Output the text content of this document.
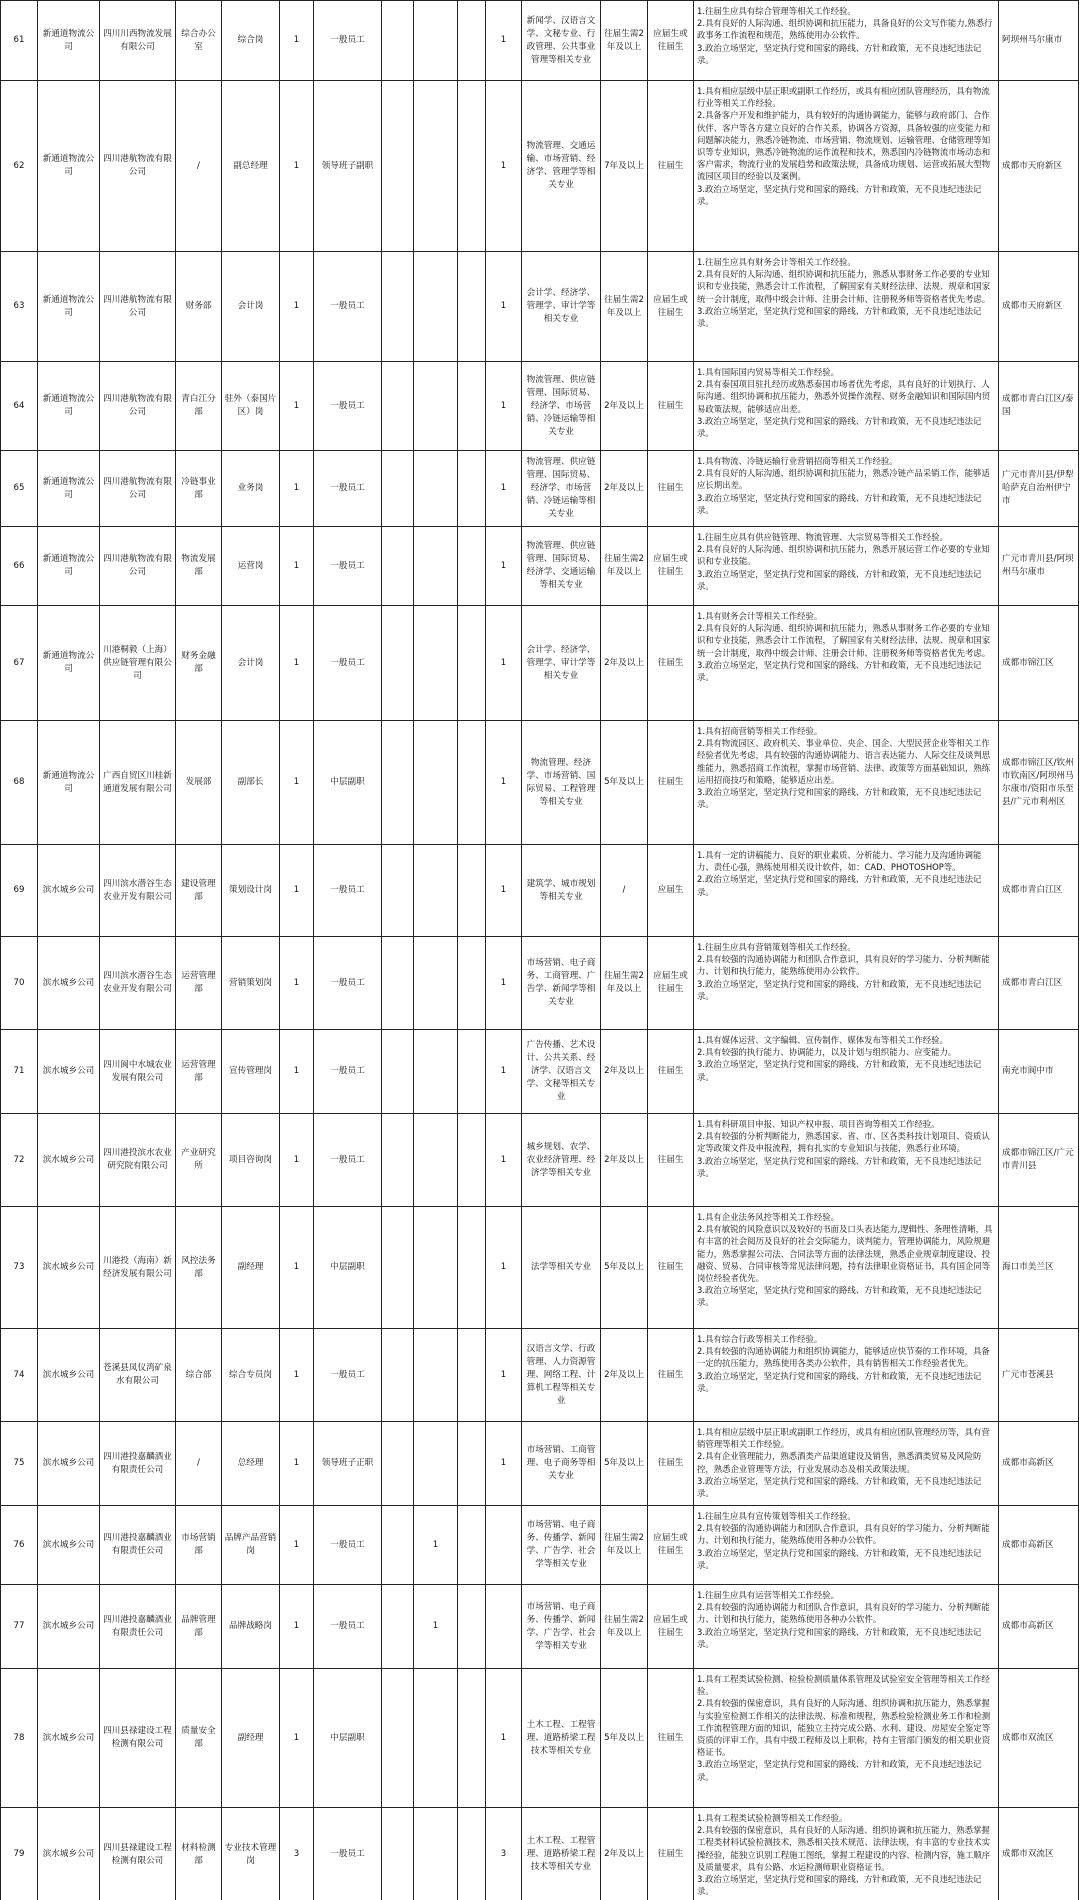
61	新通道物流公司	四川川西物流发展有限公司	综合办公室	综合岗	1	一般员工				1	新闻学、汉语言文学、文秘专业、行政管理、公共事业管理等相关专业	往届生需2年及以上	应届生或往届生	1.往届生应具有综合管理等相关工作经验。
2.具有良好的人际沟通、组织协调和抗压能力，具备良好的公文写作能力,熟悉行政事务工作流程和规范，熟练使用办公软件。
3.政治立场坚定，坚定执行党和国家的路线、方针和政策，无不良违纪违法记录。	阿坝州马尔康市
62	新通道物流公司	四川港航物流有限公司	/	副总经理	1	领导班子副职				1	物流管理、交通运输、市场营销、经济学、管理学等相关专业	7年及以上	往届生	1.具有相应层级中层正职或副职工作经历，或具有相应团队管理经历，具有物流行业等相关工作经验。
2.具备客户开发和维护能力，具有较好的沟通协调能力，能够与政府部门、合作伙伴、客户等各方建立良好的合作关系，协调各方资源，具备较强的应变能力和问题解决能力，熟悉冷链物流、市场营销、物流规划、运输管理、仓储管理等知识等专业知识，熟悉冷链物流的运作流程和技术，熟悉国内冷链物流市场动态和客户需求，物流行业的发展趋势和政策法规，具备成功规划、运营或拓展大型物流园区项目的经验以及案例。
3.政治立场坚定，坚定执行党和国家的路线、方针和政策，无不良违纪违法记录。	成都市天府新区
63	新通道物流公司	四川港航物流有限公司	财务部	会计岗	1	一般员工				1	会计学、经济学、管理学、审计学等相关专业	往届生需2年及以上	应届生或往届生	1.往届生应具有财务会计等相关工作经验。
2.具有良好的人际沟通、组织协调和抗压能力，熟悉从事财务工作必要的专业知识和专业技能，熟悉会计工作流程，了解国家有关财经法律、法规、规章和国家统一会计制度，取得中级会计师、注册会计师、注册税务师等资格者优先考虑。
3.政治立场坚定，坚定执行党和国家的路线、方针和政策，无不良违纪违法记录。	成都市天府新区
64	新通道物流公司	四川港航物流有限公司	青白江分部	驻外（泰国片区）岗	1	一般员工				1	物流管理、供应链管理、国际贸易、经济学、市场营销、冷链运输等相关专业	2年及以上	往届生	1.具有国际国内贸易等相关工作经验。
2.具有泰国项目驻扎经历或熟悉泰国市场者优先考虑，具有良好的计划执行、人际沟通、组织协调和抗压能力，熟悉外贸操作流程、财务金融知识和国际国内贸易政策法规，能够适应出差。
3.政治立场坚定，坚定执行党和国家的路线、方针和政策，无不良违纪违法记录。	成都市青白江区/泰国
65	新通道物流公司	四川港航物流有限公司	冷链事业部	业务岗	1	一般员工				1	物流管理、供应链管理、国际贸易、经济学、市场营销、冷链运输等相关专业	2年及以上	往届生	1.具有物流、冷链运输行业营销招商等相关工作经验。
2.具有良好的人际沟通、组织协调和抗压能力，熟悉冷链产品采销工作，能够适应长期出差。
3.政治立场坚定，坚定执行党和国家的路线、方针和政策，无不良违纪违法记录。	广元市青川县/伊犁哈萨克自治州伊宁市
66	新通道物流公司	四川港航物流有限公司	物流发展部	运营岗	1	一般员工				1	物流管理、供应链管理、国际贸易、经济学、交通运输等相关专业	往届生需2年及以上	应届生或往届生	1.往届生应具有供应链管理、物流管理、大宗贸易等相关工作经验。
2.具有良好的人际沟通、组织协调和抗压能力，熟悉开展运营工作必要的专业知识和专业技能。
3.政治立场坚定，坚定执行党和国家的路线、方针和政策，无不良违纪违法记录。	广元市青川县/阿坝州马尔康市
67	新通道物流公司	川港桐毅（上海）供应链管理有限公司	财务金融部	会计岗	1	一般员工				1	会计学、经济学、管理学、审计学等相关专业	2年及以上	往届生	1.具有财务会计等相关工作经验。
2.具有良好的人际沟通、组织协调和抗压能力，熟悉从事财务工作必要的专业知识和专业技能，熟悉会计工作流程，了解国家有关财经法律、法规、规章和国家统一会计制度，取得中级会计师、注册会计师、注册税务师等资格者优先考虑。
3.政治立场坚定，坚定执行党和国家的路线、方针和政策，无不良违纪违法记录。	成都市锦江区
68	新通道物流公司	广西自贸区川桂新通道发展有限公司	发展部	副部长	1	中层副职				1	物流管理、经济学、市场营销、国际贸易、工程管理等相关专业	5年及以上	往届生	1.具有招商营销等相关工作经验。
2.具有物流园区、政府机关、事业单位、央企、国企、大型民营企业等相关工作经验者优先考虑，具有较强的沟通协调能力、语言表达能力、人际交往及谈判思维能力，熟悉招商工作流程，掌握市场营销、法律、政策等方面基础知识，熟练运用招商技巧和策略，能够适应出差。
3.政治立场坚定，坚定执行党和国家的路线、方针和政策，无不良违纪违法记录。	成都市锦江区/钦州市钦南区/阿坝州马尔康市/资阳市乐至县/广元市利州区
69	滨水城乡公司	四川滨水潜谷生态农业开发有限公司	建设管理部	策划设计岗	1	一般员工				1	建筑学、城市规划等相关专业	/	应届生	1.具有一定的讲稿能力、良好的职业素质、分析能力、学习能力及沟通协调能力、责任心强，熟练使用相关设计软件，如：CAD、PHOTOSHOP等。
2.政治立场坚定，坚定执行党和国家的路线、方针和政策，无不良违纪违法记录。	成都市青白江区
70	滨水城乡公司	四川滨水潜谷生态农业开发有限公司	运营管理部	营销策划岗	1	一般员工				1	市场营销、电子商务、工商管理、广告学、新闻学等相关专业	往届生需2年及以上	应届生或往届生	1.往届生应具有营销策划等相关工作经验。
2.具有较强的沟通协调能力和团队合作意识，具有良好的学习能力、分析判断能力、计划和执行能力，能熟练使用办公软件。
3.政治立场坚定，坚定执行党和国家的路线、方针和政策，无不良违纪违法记录。	成都市青白江区
71	滨水城乡公司	四川阆中水城农业发展有限公司	运营管理部	宣传管理岗	1	一般员工				1	广告传播、艺术设计、公共关系、经济学、汉语言文学、文秘等相关专业	2年及以上	往届生	1.具有媒体运营、文字编辑、宣传制作、媒体发布等相关工作经验。
2.具有较强的执行能力、协调能力，以及计划与组织能力、应变能力。
3.政治立场坚定，坚定执行党和国家的路线、方针和政策，无不良违纪违法记录。	南充市阆中市
72	滨水城乡公司	四川港投滨水农业研究院有限公司	产业研究所	项目咨询岗	1	一般员工				1	城乡规划、农学、农业经济管理、经济学等相关专业	2年及以上	往届生	1.具有科研项目申报、知识产权申报、项目咨询等相关工作经验。
2.具有较强的分析判断能力，熟悉国家、省、市、区各类科技计划项目、资质认定等政策文件及申报流程，拥有扎实的专业知识与技能，熟悉行业环境。
3.政治立场坚定，坚定执行党和国家的路线、方针和政策，无不良违纪违法记录。	成都市锦江区/广元市青川县
73	滨水城乡公司	川港投（海南）新经济发展有限公司	风控法务部	副经理	1	中层副职				1	法学等相关专业	5年及以上	往届生	1.具有企业法务风控等相关工作经验。
2.具有敏锐的风险意识以及较好的书面及口头表达能力,逻辑性、条理性清晰，具有丰富的社会阅历及良好的社会交际能力，谈判能力，管理协调能力，风险规避能力，熟悉掌握公司法、合同法等方面的法律法规，熟悉企业规章制度建设、投融资、贸易、合同审核等常见法律问题，持有法律职业资格证书，具有国企同等岗位经验者优先。
3.政治立场坚定，坚定执行党和国家的路线、方针和政策，无不良违纪违法记录。	海口市美兰区
74	滨水城乡公司	苍溪县凤仪湾矿泉水有限公司	综合部	综合专员岗	1	一般员工				1	汉语言文学、行政管理、人力资源管理、网络工程、计算机工程等相关专业	2年及以上	往届生	1.具有综合行政等相关工作经验。
2.具有较强的沟通协调能力和组织协调能力，能够适应快节奏的工作环境，具备一定的抗压能力，熟练使用各类办公软件，具有销售相关工作经验者优先。
3.政治立场坚定，坚定执行党和国家的路线、方针和政策，无不良违纪违法记录。	广元市苍溪县
75	滨水城乡公司	四川港投嘉麟酒业有限责任公司	/	总经理	1	领导班子正职				1	市场营销、工商管理、电子商务等相关专业	5年及以上	往届生	1.具有相应层级中层正职或副职工作经历，或具有相应团队管理经历等，具有营销管理等相关工作经验。
2.具有企业管理能力，熟悉酒类产品渠道建设及销售，熟悉酒类贸易及风险防控，熟悉企业管理等方法，行业发展动态及相关政策法规。
3.政治立场坚定，坚定执行党和国家的路线、方针和政策，无不良违纪违法记录。	成都市高新区
76	滨水城乡公司	四川港投嘉麟酒业有限责任公司	市场营销部	品牌产品营销岗	1	一般员工		1			市场营销、电子商务、传播学、新闻学、广告学、社会学等相关专业	往届生需2年及以上	应届生或往届生	1.往届生应具有宣传策划等相关工作经验。
2.具有较强的沟通协调能力和团队合作意识，具有良好的学习能力、分析判断能力、计划和执行能力，能熟练使用各种办公软件。
3.政治立场坚定，坚定执行党和国家的路线、方针和政策，无不良违纪违法记录。	成都市高新区
77	滨水城乡公司	四川港投嘉麟酒业有限责任公司	品牌管理部	品牌战略岗	1	一般员工		1			市场营销、电子商务、传播学、新闻学、广告学、社会学等相关专业	往届生需2年及以上	应届生或往届生	1.往届生应具有运营等相关工作经验。
2.具有较强的沟通协调能力和团队合作意识，具有良好的学习能力、分析判断能力、计划和执行能力，能熟练使用各种办公软件。
3.政治立场坚定，坚定执行党和国家的路线、方针和政策，无不良违纪违法记录。	成都市高新区
78	滨水城乡公司	四川县禄建设工程检测有限公司	质量安全部	副经理	1	中层副职				1	土木工程、工程管理、道路桥梁工程技术等相关专业	5年及以上	往届生	1.具有工程类试验检测、检验检测质量体系管理及试验室安全管理等相关工作经验。
2.具有较强的保密意识，具有良好的人际沟通、组织协调和抗压能力，熟悉掌握与实验室检测工作相关的法律法规、标准和规程，熟悉检验检测业务工作和检测工作流程管理方面的知识，能独立主持完成公路、水利、建设、房屋安全鉴定等资质的评审工作，具有中级工程师及以上职称，持有主管部门颁发的相关职业资格证书。
3.政治立场坚定，坚定执行党和国家的路线、方针和政策，无不良违纪违法记录。	成都市双流区
79	滨水城乡公司	四川县禄建设工程检测有限公司	材料检测部	专业技术管理岗	3	一般员工				3	土木工程、工程管理、道路桥梁工程技术等相关专业	2年及以上	往届生	1.具有工程类试验检测等相关工作经验。
2.具有较强的保密意识，具有良好的人际沟通、组织协调和抗压能力，熟悉掌握工程类材料试验检测技术，熟悉相关技术规范、法律法规，有丰富的专业技术实操经验，能独立识别工程施工图纸，掌握工程建设的内容、检测内容，施工顺序及质量要求，具有公路、水运检测师职业资格证书。
3.政治立场坚定，坚定执行党和国家的路线、方针和政策，无不良违纪违法记录。	成都市双流区
